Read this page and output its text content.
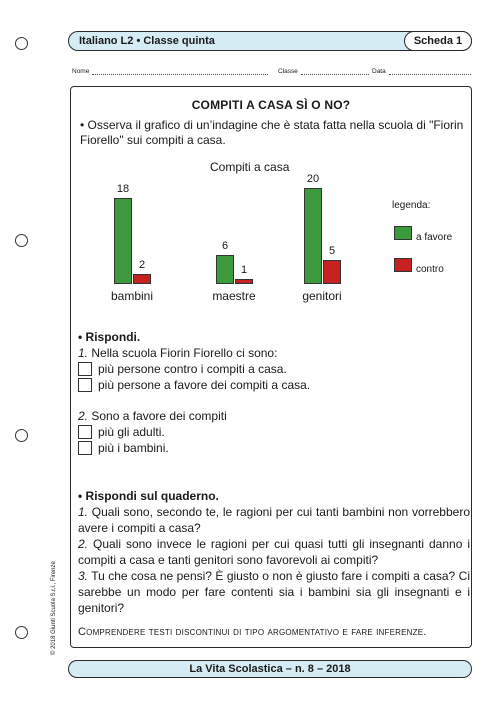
Italiano L2 • Classe quinta	Scheda 1
Nome	Classe	Data
COMPITI A CASA SÌ O NO?
• Osserva il grafico di un’indagine che è stata fatta nella scuola di "Fiorin Fiorello" sui compiti a casa.
Compiti a casa
18
2
bambini
6
1
maestre
20
5
genitori
legenda:
a favore
contro
• Rispondi.
1. Nella scuola Fiorin Fiorello ci sono:
più persone contro i compiti a casa.
più persone a favore dei compiti a casa.
2. Sono a favore dei compiti
più gli adulti.
più i bambini.
• Rispondi sul quaderno.
1. Quali sono, secondo te, le ragioni per cui tanti bambini non vorrebbero avere i compiti a casa?
2. Quali sono invece le ragioni per cui quasi tutti gli insegnanti danno i compiti a casa e tanti genitori sono favorevoli ai compiti?
3. Tu che cosa ne pensi? È giusto o non è giusto fare i compiti a casa? Ci sarebbe un modo per fare contenti sia i bambini sia gli insegnanti e i genitori?
Comprendere testi discontinui di tipo argomentativo e fare inferenze.
© 2018 Giunti Scuola S.r.l., Firenze
La Vita Scolastica – n. 8 – 2018
